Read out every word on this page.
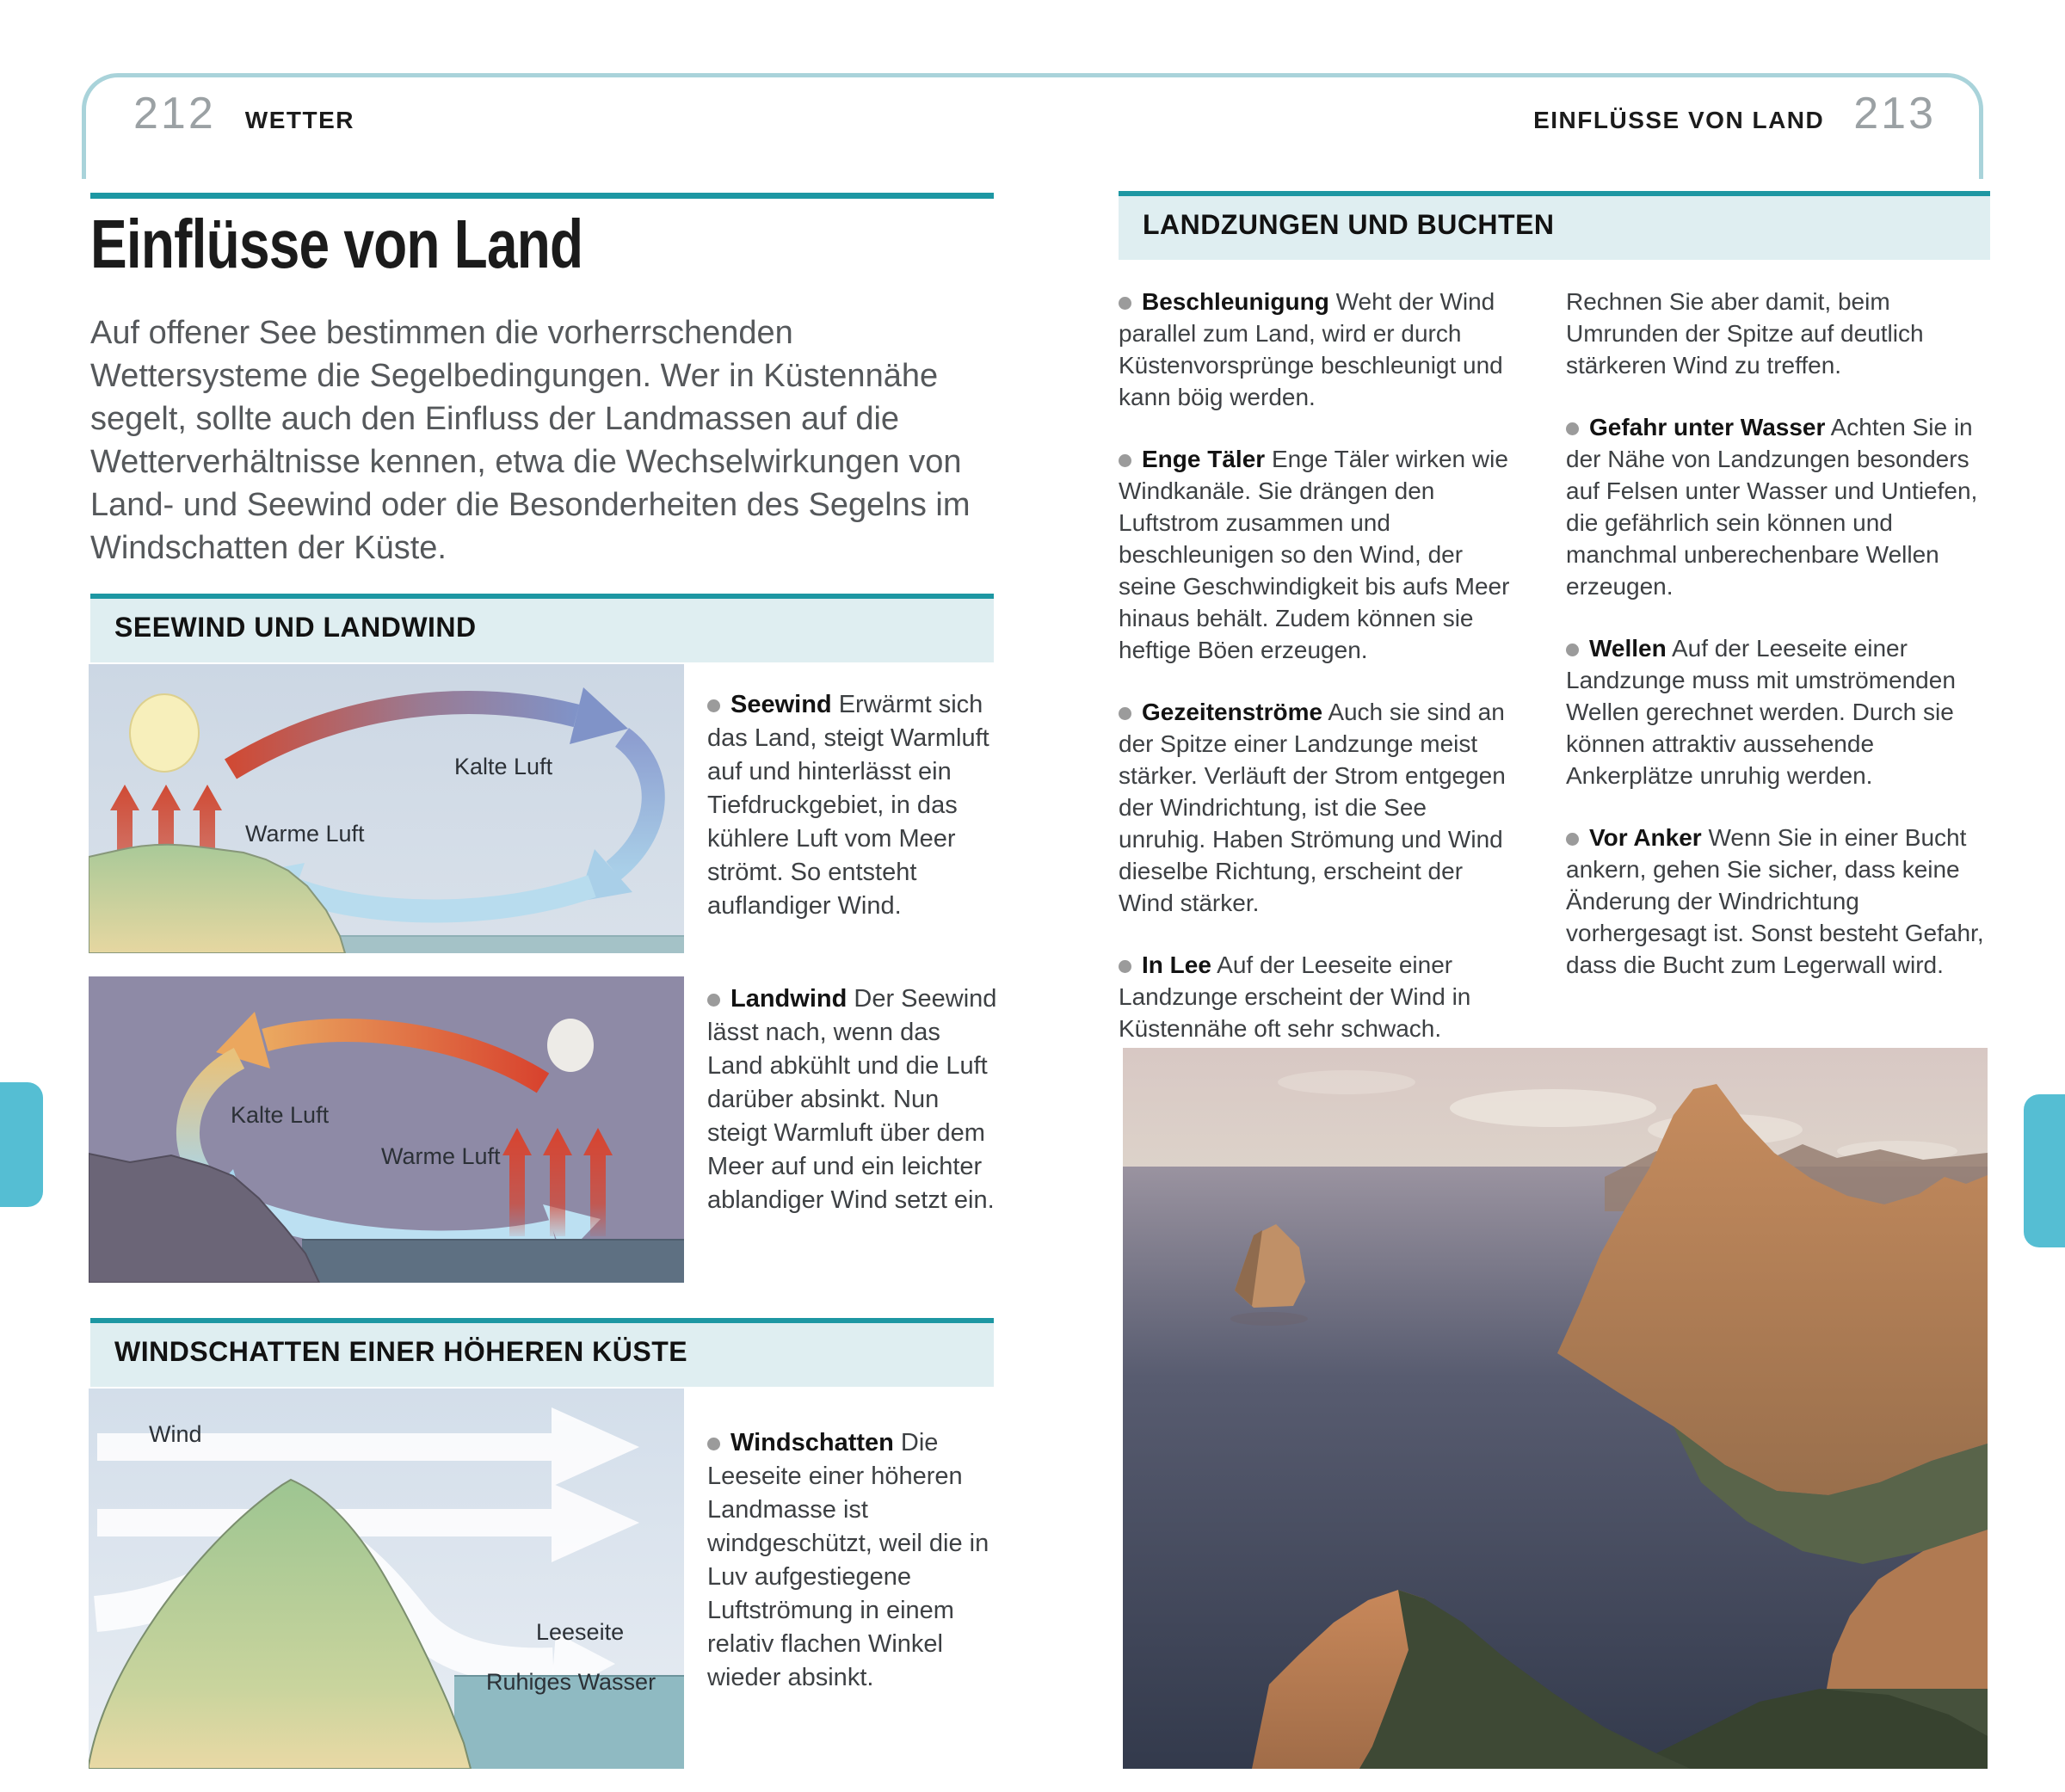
212 WETTER	EINFLÜSSE VON LAND 213
Einflüsse von Land
Auf offener See bestimmen die vorherrschenden Wettersysteme die Segelbedingungen. Wer in Küstennähe segelt, sollte auch den Einfluss der Landmassen auf die Wetterverhältnisse kennen, etwa die Wechselwirkungen von Land- und Seewind oder die Besonderheiten des Segelns im Windschatten der Küste.
SEEWIND UND LANDWIND
Warme Luft
Kalte Luft

Seewind Erwärmt sich das Land, steigt Warmluft auf und hinterlässt ein Tiefdruckgebiet, in das kühlere Luft vom Meer strömt. So entsteht auflandiger Wind.

Kalte Luft
Warme Luft

Landwind Der Seewind lässt nach, wenn das Land abkühlt und die Luft darüber absinkt. Nun steigt Warmluft über dem Meer auf und ein leichter ablandiger Wind setzt ein.

WINDSCHATTEN EINER HÖHEREN KÜSTE
Wind
Leeseite
Ruhiges Wasser

Windschatten Die Leeseite einer höheren Landmasse ist windgeschützt, weil die in Luv aufgestiegene Luftströmung in einem relativ flachen Winkel wieder absinkt.

LANDZUNGEN UND BUCHTEN

Beschleunigung Weht der Wind parallel zum Land, wird er durch Küstenvorsprünge beschleunigt und kann böig werden.

Enge Täler Enge Täler wirken wie Windkanäle. Sie drängen den Luftstrom zusammen und beschleunigen so den Wind, der seine Geschwindigkeit bis aufs Meer hinaus behält. Zudem können sie heftige Böen erzeugen.

Gezeitenströme Auch sie sind an der Spitze einer Landzunge meist stärker. Verläuft der Strom entgegen der Windrichtung, ist die See unruhig. Haben Strömung und Wind dieselbe Richtung, erscheint der Wind stärker.

In Lee Auf der Leeseite einer Landzunge erscheint der Wind in Küstennähe oft sehr schwach.

Rechnen Sie aber damit, beim Umrunden der Spitze auf deutlich stärkeren Wind zu treffen.

Gefahr unter Wasser Achten Sie in der Nähe von Landzungen besonders auf Felsen unter Wasser und Untiefen, die gefährlich sein können und manchmal unberechenbare Wellen erzeugen.

Wellen Auf der Leeseite einer Landzunge muss mit umströmenden Wellen gerechnet werden. Durch sie können attraktiv aussehende Ankerplätze unruhig werden.

Vor Anker Wenn Sie in einer Bucht ankern, gehen Sie sicher, dass keine Änderung der Windrichtung vorhergesagt ist. Sonst besteht Gefahr, dass die Bucht zum Legerwall wird.
